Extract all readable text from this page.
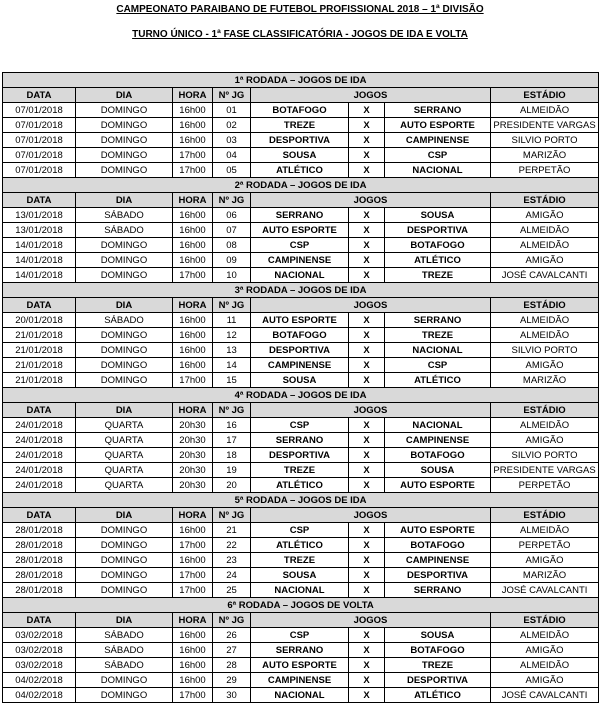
CAMPEONATO PARAIBANO DE FUTEBOL PROFISSIONAL 2018 – 1ª DIVISÃO
TURNO ÚNICO - 1ª FASE CLASSIFICATÓRIA - JOGOS DE IDA E VOLTA
1ª RODADA – JOGOS DE IDA							
DATA	DIA	HORA	Nº JG	JOGOS			ESTÁDIO
07/01/2018	DOMINGO	16h00	01	BOTAFOGO	X	SERRANO	ALMEIDÃO
07/01/2018	DOMINGO	16h00	02	TREZE	X	AUTO ESPORTE	PRESIDENTE VARGAS
07/01/2018	DOMINGO	16h00	03	DESPORTIVA	X	CAMPINENSE	SILVIO PORTO
07/01/2018	DOMINGO	17h00	04	SOUSA	X	CSP	MARIZÃO
07/01/2018	DOMINGO	17h00	05	ATLÉTICO	X	NACIONAL	PERPETÃO
2ª RODADA – JOGOS DE IDA							
DATA	DIA	HORA	Nº JG	JOGOS			ESTÁDIO
13/01/2018	SÁBADO	16h00	06	SERRANO	X	SOUSA	AMIGÃO
13/01/2018	SÁBADO	16h00	07	AUTO ESPORTE	X	DESPORTIVA	ALMEIDÃO
14/01/2018	DOMINGO	16h00	08	CSP	X	BOTAFOGO	ALMEIDÃO
14/01/2018	DOMINGO	16h00	09	CAMPINENSE	X	ATLÉTICO	AMIGÃO
14/01/2018	DOMINGO	17h00	10	NACIONAL	X	TREZE	JOSÉ CAVALCANTI
3ª RODADA – JOGOS DE IDA							
DATA	DIA	HORA	Nº JG	JOGOS			ESTÁDIO
20/01/2018	SÁBADO	16h00	11	AUTO ESPORTE	X	SERRANO	ALMEIDÃO
21/01/2018	DOMINGO	16h00	12	BOTAFOGO	X	TREZE	ALMEIDÃO
21/01/2018	DOMINGO	16h00	13	DESPORTIVA	X	NACIONAL	SILVIO PORTO
21/01/2018	DOMINGO	16h00	14	CAMPINENSE	X	CSP	AMIGÃO
21/01/2018	DOMINGO	17h00	15	SOUSA	X	ATLÉTICO	MARIZÃO
4ª RODADA – JOGOS DE IDA							
DATA	DIA	HORA	Nº JG	JOGOS			ESTÁDIO
24/01/2018	QUARTA	20h30	16	CSP	X	NACIONAL	ALMEIDÃO
24/01/2018	QUARTA	20h30	17	SERRANO	X	CAMPINENSE	AMIGÃO
24/01/2018	QUARTA	20h30	18	DESPORTIVA	X	BOTAFOGO	SILVIO PORTO
24/01/2018	QUARTA	20h30	19	TREZE	X	SOUSA	PRESIDENTE VARGAS
24/01/2018	QUARTA	20h30	20	ATLÉTICO	X	AUTO ESPORTE	PERPETÃO
5ª RODADA – JOGOS DE IDA							
DATA	DIA	HORA	Nº JG	JOGOS			ESTÁDIO
28/01/2018	DOMINGO	16h00	21	CSP	X	AUTO ESPORTE	ALMEIDÃO
28/01/2018	DOMINGO	17h00	22	ATLÉTICO	X	BOTAFOGO	PERPETÃO
28/01/2018	DOMINGO	16h00	23	TREZE	X	CAMPINENSE	AMIGÃO
28/01/2018	DOMINGO	17h00	24	SOUSA	X	DESPORTIVA	MARIZÃO
28/01/2018	DOMINGO	17h00	25	NACIONAL	X	SERRANO	JOSÉ CAVALCANTI
6ª RODADA – JOGOS DE VOLTA							
DATA	DIA	HORA	Nº JG	JOGOS			ESTÁDIO
03/02/2018	SÁBADO	16h00	26	CSP	X	SOUSA	ALMEIDÃO
03/02/2018	SÁBADO	16h00	27	SERRANO	X	BOTAFOGO	AMIGÃO
03/02/2018	SÁBADO	16h00	28	AUTO ESPORTE	X	TREZE	ALMEIDÃO
04/02/2018	DOMINGO	16h00	29	CAMPINENSE	X	DESPORTIVA	AMIGÃO
04/02/2018	DOMINGO	17h00	30	NACIONAL	X	ATLÉTICO	JOSÉ CAVALCANTI
